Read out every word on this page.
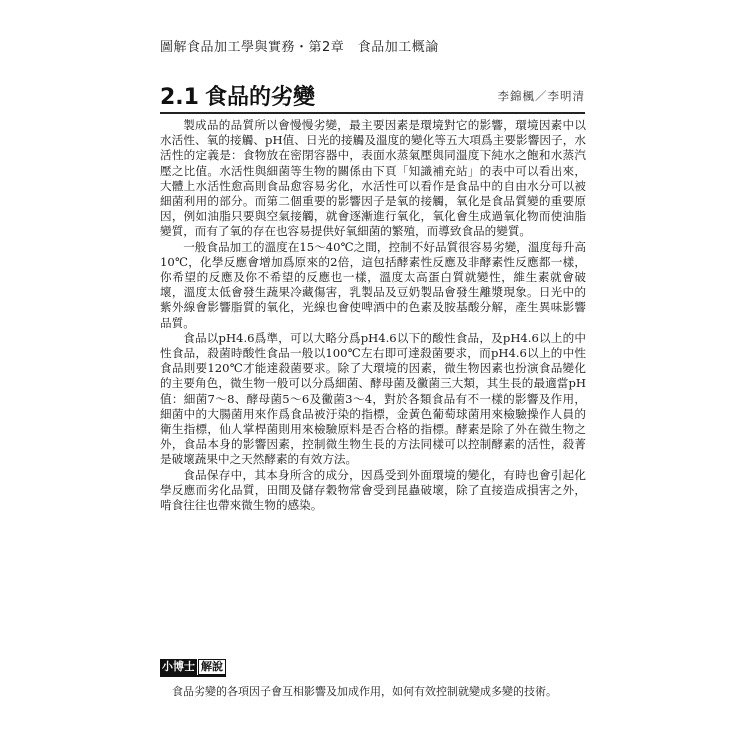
圖解食品加工學與實務・第2章　食品加工概論
2.1 食品的劣變	李錦楓／李明清

製成品的品質所以會慢慢劣變，最主要因素是環境對它的影響，環境因素中以水活性、氧的接觸、pH值、日光的接觸及溫度的變化等五大項爲主要影響因子，水活性的定義是：食物放在密閉容器中，表面水蒸氣壓與同溫度下純水之飽和水蒸汽壓之比值。水活性與細菌等生物的關係由下頁「知識補充站」的表中可以看出來，大體上水活性愈高則食品愈容易劣化，水活性可以看作是食品中的自由水分可以被細菌利用的部分。而第二個重要的影響因子是氧的接觸，氧化是食品質變的重要原因，例如油脂只要與空氣接觸，就會逐漸進行氧化，氧化會生成過氧化物而使油脂變質，而有了氧的存在也容易提供好氧細菌的繁殖，而導致食品的變質。

一般食品加工的溫度在15～40℃之間，控制不好品質很容易劣變，溫度每升高10℃，化學反應會增加爲原來的2倍，這包括酵素性反應及非酵素性反應都一樣，你希望的反應及你不希望的反應也一樣，溫度太高蛋白質就變性，維生素就會破壞，溫度太低會發生蔬果冷藏傷害，乳製品及豆奶製品會發生離漿現象。日光中的紫外線會影響脂質的氧化，光線也會使啤酒中的色素及胺基酸分解，產生異味影響品質。

食品以pH4.6爲準，可以大略分爲pH4.6以下的酸性食品，及pH4.6以上的中性食品，殺菌時酸性食品一般以100℃左右即可達殺菌要求，而pH4.6以上的中性食品則要120℃才能達殺菌要求。除了大環境的因素，微生物因素也扮演食品變化的主要角色，微生物一般可以分爲細菌、酵母菌及黴菌三大類，其生長的最適當pH值：細菌7～8、酵母菌5～6及黴菌3～4，對於各類食品有不一樣的影響及作用，細菌中的大腸菌用來作爲食品被汙染的指標，金黃色葡萄球菌用來檢驗操作人員的衛生指標，仙人掌桿菌則用來檢驗原料是否合格的指標。酵素是除了外在微生物之外，食品本身的影響因素，控制微生物生長的方法同樣可以控制酵素的活性，殺菁是破壞蔬果中之天然酵素的有效方法。

食品保存中，其本身所含的成分，因爲受到外面環境的變化，有時也會引起化學反應而劣化品質，田間及儲存穀物常會受到昆蟲破壞，除了直接造成損害之外，啃食往往也帶來微生物的感染。

小博士 解說
食品劣變的各項因子會互相影響及加成作用，如何有效控制就變成多變的技術。
